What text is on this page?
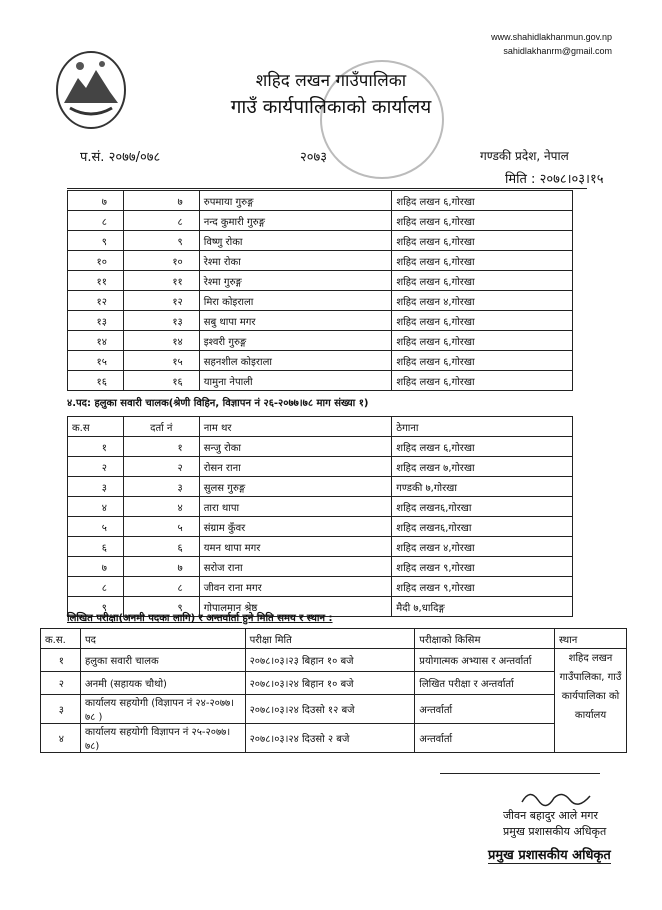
www.shahidlakhanmun.gov.np
sahidlakhanrm@gmail.com
शहिद लखन गाउँपालिका
गाउँ कार्यपालिकाको कार्यालय
प.सं. २०७७/०७८	२०७३	गण्डकी प्रदेश, नेपाल
मिति : २०७८।०३।१५
७	७	रुपमाया गुरुङ्ग	शहिद लखन ६,गोरखा
८	८	नन्द कुमारी गुरुङ्ग	शहिद लखन ६,गोरखा
९	९	विष्णु रोका	शहिद लखन ६,गोरखा
१०	१०	रेश्मा रोका	शहिद लखन ६,गोरखा
११	११	रेश्मा गुरुङ्ग	शहिद लखन ६,गोरखा
१२	१२	मिरा कोइराला	शहिद लखन ४,गोरखा
१३	१३	सबु थापा मगर	शहिद लखन ६,गोरखा
१४	१४	इश्वरी गुरुङ्ग	शहिद लखन ६,गोरखा
१५	१५	सहनशील कोइराला	शहिद लखन ६,गोरखा
१६	१६	यामुना नेपाली	शहिद लखन ६,गोरखा
४.पद: हलुका सवारी चालक(श्रेणी विहिन, विज्ञापन नं २६-२०७७।७८ माग संख्या १)
क.स	दर्ता नं	नाम थर	ठेगाना
१	१	सन्जु रोका	शहिद लखन ६,गोरखा
२	२	रोसन राना	शहिद लखन ७,गोरखा
३	३	सुलस गुरुङ्ग	गण्डकी ७,गोरखा
४	४	तारा थापा	शहिद लखन६,गोरखा
५	५	संग्राम कुँवर	शहिद लखन६,गोरखा
६	६	यमन थापा मगर	शहिद लखन ४,गोरखा
७	७	सरोज राना	शहिद लखन ९,गोरखा
८	८	जीवन राना मगर	शहिद लखन ९,गोरखा
९	९	गोपालमान श्रेष्ठ	मैदी ७,धादिङ्ग
लिखित परीक्षा(अनमी पदका लागि) र अन्तर्वार्ता हुने मिति समय र स्थान :
क.स.	पद	परीक्षा मिति	परीक्षाको किसिम	स्थान
१	हलुका सवारी चालक	२०७८।०३।२३ बिहान १० बजे	प्रयोगात्मक अभ्यास र अन्तर्वार्ता	शहिद लखन गाउँपालिका, गाउँ कार्यपालिका को कार्यालय
२	अनमी (सहायक चौथो)	२०७८।०३।२४ बिहान १० बजे	लिखित परीक्षा र अन्तर्वार्ता	
३	कार्यालय सहयोगी (विज्ञापन नं २४-२०७७।७८ )	२०७८।०३।२४ दिउसो १२ बजे	अन्तर्वार्ता	
४	कार्यालय सहयोगी विज्ञापन नं २५-२०७७।७८)	२०७८।०३।२४ दिउसो २ बजे	अन्तर्वार्ता	
जीवन बहादुर आले मगर
प्रमुख प्रशासकीय अधिकृत
प्रमुख प्रशासकीय अधिकृत
